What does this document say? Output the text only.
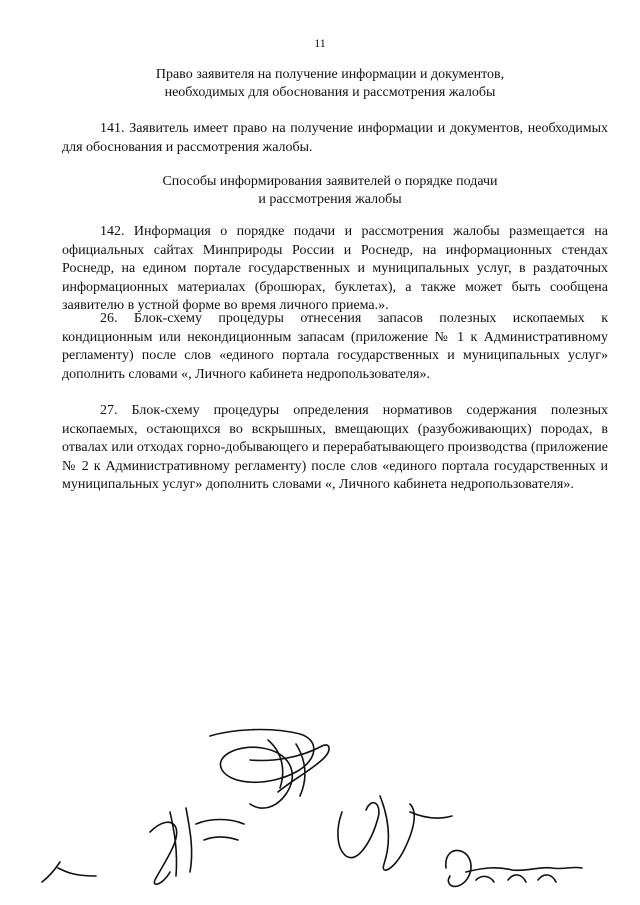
11
Право заявителя на получение информации и документов,
необходимых для обоснования и рассмотрения жалобы

141. Заявитель имеет право на получение информации и документов, необходимых для обоснования и рассмотрения жалобы.

Способы информирования заявителей о порядке подачи
и рассмотрения жалобы

142. Информация о порядке подачи и рассмотрения жалобы размещается на официальных сайтах Минприроды России и Роснедр, на информационных стендах Роснедр, на едином портале государственных и муниципальных услуг, в раздаточных информационных материалах (брошюрах, буклетах), а также может быть сообщена заявителю в устной форме во время личного приема.».

26. Блок-схему процедуры отнесения запасов полезных ископаемых к кондиционным или некондиционным запасам (приложение № 1 к Административному регламенту) после слов «единого портала государственных и муниципальных услуг» дополнить словами «, Личного кабинета недропользователя».

27. Блок-схему процедуры определения нормативов содержания полезных ископаемых, остающихся во вскрышных, вмещающих (разубоживающих) породах, в отвалах или отходах горно-добывающего и перерабатывающего производства (приложение № 2 к Административному регламенту) после слов «единого портала государственных и муниципальных услуг» дополнить словами «, Личного кабинета недропользователя».
